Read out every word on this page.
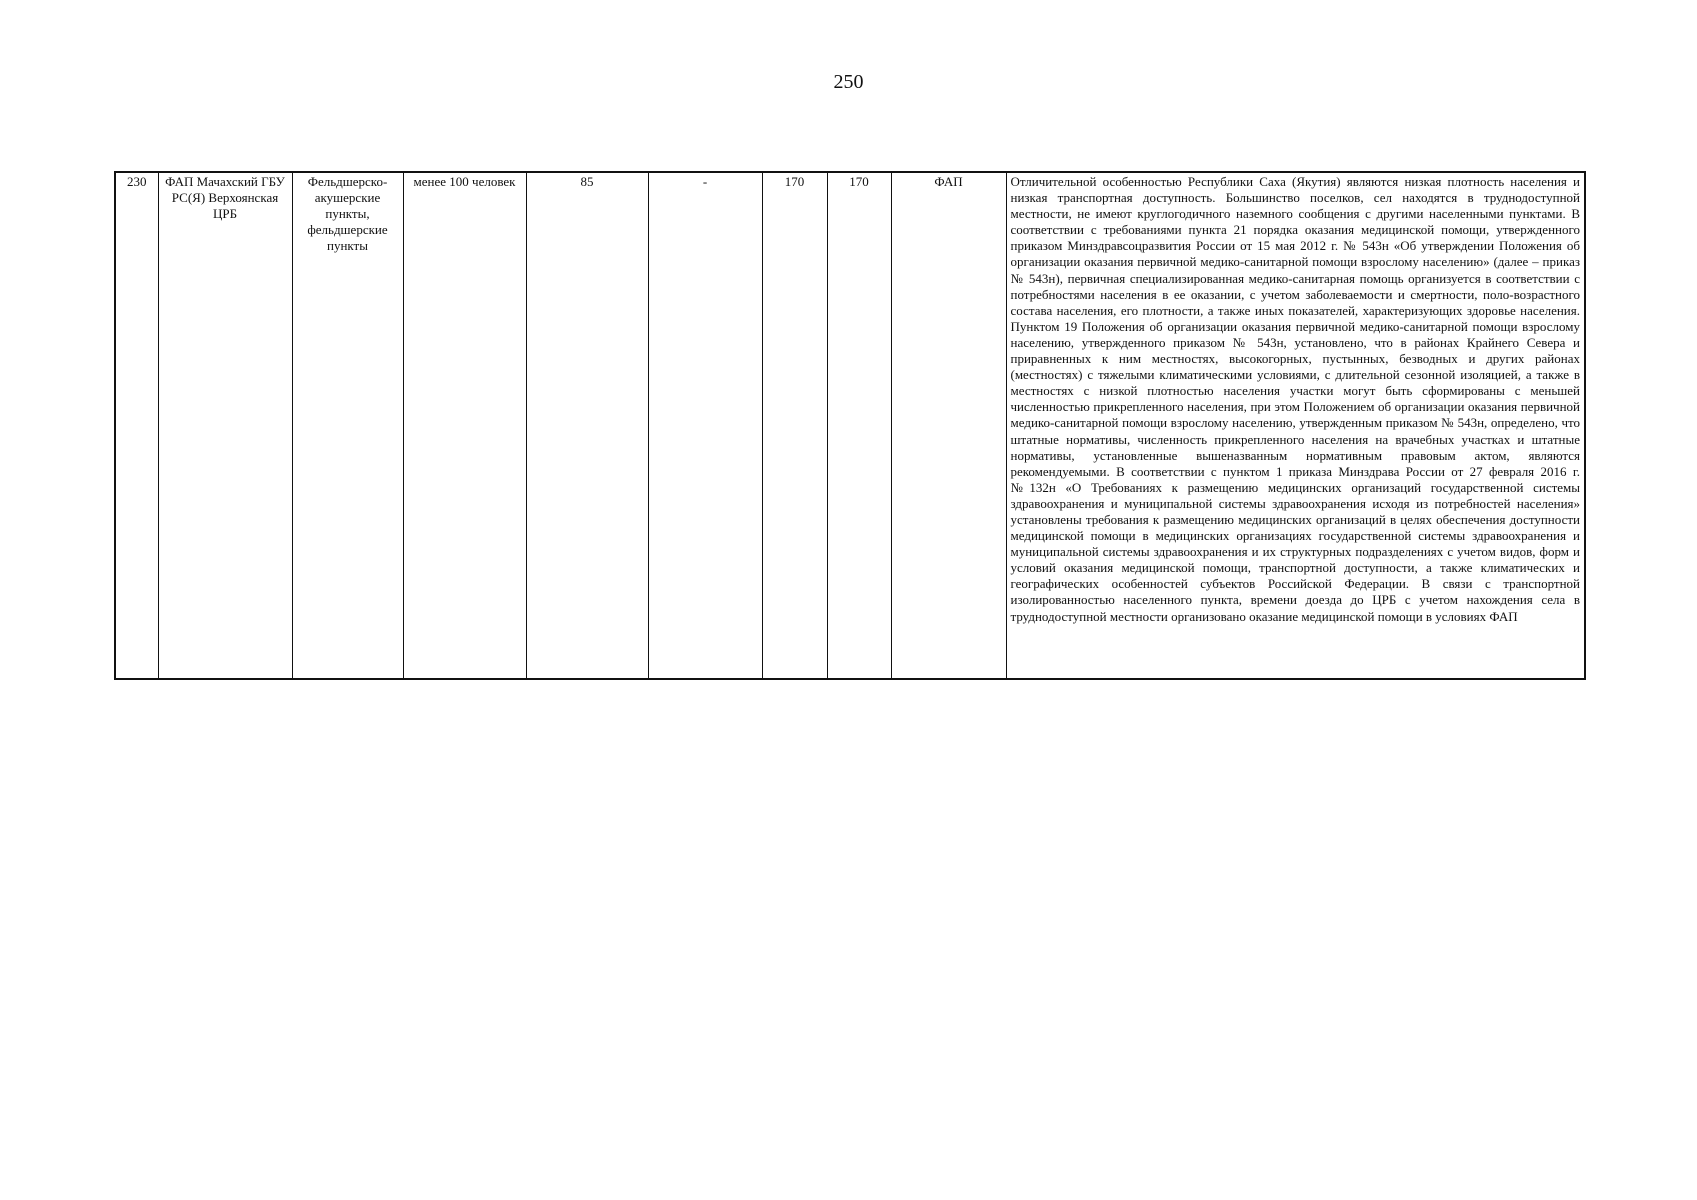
250
230	ФАП Мачахский ГБУ РС(Я) Верхоянская ЦРБ	Фельдшерско-акушерские пункты, фельдшерские пункты	менее 100 человек	85	-	170	170	ФАП	Отличительной особенностью Республики Саха (Якутия) являются низкая плотность населения и низкая транспортная доступность. Большинство поселков, сел находятся в труднодоступной местности, не имеют круглогодичного наземного сообщения с другими населенными пунктами. В соответствии с требованиями пункта 21 порядка оказания медицинской помощи, утвержденного приказом Минздравсоцразвития России от 15 мая 2012 г. № 543н «Об утверждении Положения об организации оказания первичной медико-санитарной помощи взрослому населению» (далее – приказ № 543н), первичная специализированная медико-санитарная помощь организуется в соответствии с потребностями населения в ее оказании, с учетом заболеваемости и смертности, поло-возрастного состава населения, его плотности, а также иных показателей, характеризующих здоровье населения. Пунктом 19 Положения об организации оказания первичной медико-санитарной помощи взрослому населению, утвержденного приказом № 543н, установлено, что в районах Крайнего Севера и приравненных к ним местностях, высокогорных, пустынных, безводных и других районах (местностях) с тяжелыми климатическими условиями, с длительной сезонной изоляцией, а также в местностях с низкой плотностью населения участки могут быть сформированы с меньшей численностью прикрепленного населения, при этом Положением об организации оказания первичной медико-санитарной помощи взрослому населению, утвержденным приказом № 543н, определено, что штатные нормативы, численность прикрепленного населения на врачебных участках и штатные нормативы, установленные вышеназванным нормативным правовым актом, являются рекомендуемыми. В соответствии с пунктом 1 приказа Минздрава России от 27 февраля 2016 г. №132н «О Требованиях к размещению медицинских организаций государственной системы здравоохранения и муниципальной системы здравоохранения исходя из потребностей населения» установлены требования к размещению медицинских организаций в целях обеспечения доступности медицинской помощи в медицинских организациях государственной системы здравоохранения и муниципальной системы здравоохранения и их структурных подразделениях с учетом видов, форм и условий оказания медицинской помощи, транспортной доступности, а также климатических и географических особенностей субъектов Российской Федерации. В связи с транспортной изолированностью населенного пункта, времени доезда до ЦРБ с учетом нахождения села в труднодоступной местности организовано оказание медицинской помощи в условиях ФАП
